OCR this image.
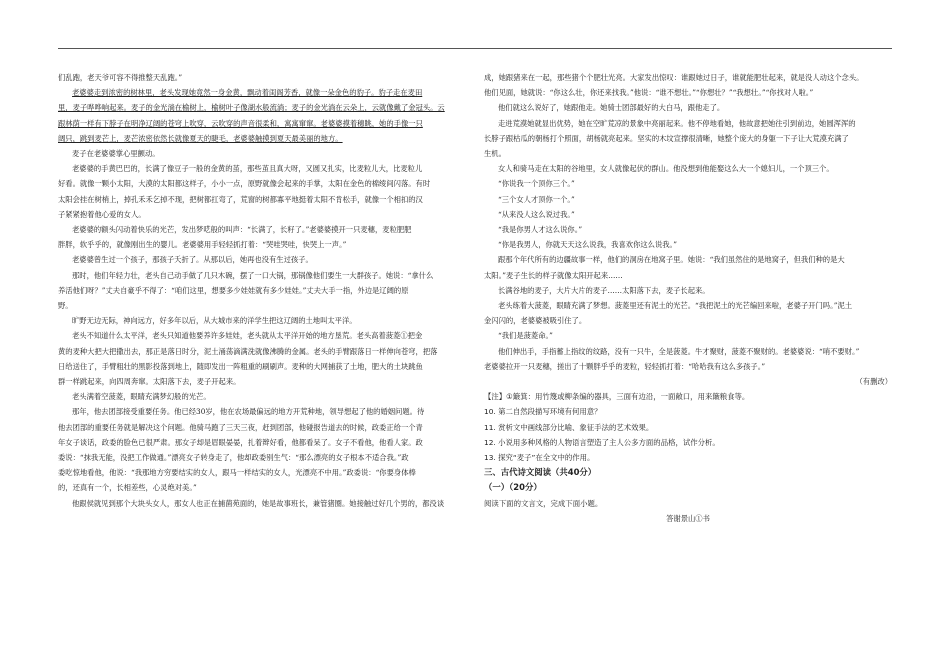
们乱跑，老天爷可容不得推整天乱跑。”

老婆婆走到浓密的树林里，老头发现她竟然一身金黄，飘动着闺阁芳香，就像一朵金色的豹子。豹子走在麦田

里，麦子哗哗响起来。麦子的金光淌在榆树上，榆树叶子像湖水般流淌；麦子的金光淌在云朵上，云就像戴了金冠头。云

跟林荫一样有下脖子在明净辽阔的苍穹上吹穿，云吹穿的声音很柔和，寓寓窜窜。老婆婆摸着穗眺，她的手像一只

阔只，跳到麦芒上，麦芒浓密依然长就像夏天的睫毛，老婆婆触摸到夏天最美丽的地方。

麦子在老婆婆掌心里颤动。

老婆婆的手黄巴巴的，长满了像豆子一般的金黄的茧，那些茧且真大呀，又圆又扎实，比麦粒儿大，比麦粒儿

好看。就像一颗小太阳，大漠的太阳都这样子，小小一点，原野就像会起来的手掌，太阳在金色的棉绫间闪落。有时

太阳会挂在树梢上，掉孔禾禾乞掉不现，把树都扛弯了，荒窗的树都寡平地挺着太阳不肯松手，就像一个相扣的汉

子紧紧抱着他心爱的女人。

老婆婆的额头闪动着快乐的光芒，发出梦呓般的叫声：“长满了，长籽了。”老婆婆摸开一只麦穗，麦粒肥肥

胖胖，软乎乎的，就像刚出生的婴儿。老婆婆用手轻轻抓打着：“哭哇哭哇，快哭上一声。”

老婆婆曾生过一个孩子，那孩子夭折了。从那以后，她再也没有生过孩子。

那时，他们年轻力壮，老头自己动手做了几只木碗，摆了一口大锅，那锅像他们要生一大群孩子。她说：“拿什么

养活他们呀？”丈夫自豪乎不得了：“咱们这里，想要多少娃娃就有多少娃娃。”丈夫大手一指，外边是辽阔的原

野。

旷野无边无际，神向远方，好多年以后，从大城市来的洋学生把这辽阔的土地叫太平洋。

老头不知道什么太平洋，老头只知道他要养许多娃娃，老头就从太平洋开始的地方垦荒。老头高着菠菱①把金

黄的麦种大把大把撒出去，那正是落日时分，泥土涌荡滴满洗就像沸腾的金属。老头的手臂跟落日一样伸向苍穹，把落

日给送住了，手臂粗壮的黑影投落到地上，随即发出一阵粗重的刷刷声。麦种的大网捕获了土地，肥大的土块跳鱼

群一样跳起来，向四周奔窜。太阳落下去，麦子开起来。

老头满着空菠菱，眼睛充满梦幻般的光芒。

那年，他去团部接受重要任务。他已经30岁，他在农场最偏远的地方开荒种地，领导想起了他的婚姻问题。待

他去团部的重要任务就是解决这个问题。他骑马跑了三天三夜，赶到团部，他碰报告道去的时候，政委正给一个青

年女子谈话，政委的脸色已很严肃。那女子却是眉眼晏晏，扎着辫好看，他都看呆了。女子不看他，他看人家。政

委说：“抹我无能，没把工作做通。”漂亮女子转身走了，他却政委别生气：“那么漂亮的女子根本不适合我。”政

委吃惊地看他，他说：“我那地方穷要结实的女人，跟马一样结实的女人，光漂亮不中用。”政委说：“你要身体棒

的，还真有一个，长相差些，心灵绝对美。”

他跟侯就见到那个大块头女人，那女人也正在捕菌苑面的，她是故事班长，兼管猪圈。她接触过好几个男的，都没谈

成，她跟猪来在一起，那些猪个个肥壮光亮。大家发出惊叹：谁跟她过日子，谁就能肥壮起来，就是没人动这个念头。

他们见面，她就说：“你这么壮，你还来找我。”他说：“谁不想壮。”“你想壮？”“我想壮。”“你找对人啦。”

他们就这么说好了，她跟他走。她骑士团部最好的大白马，跟他走了。

走进荒漠她就显出优势，她在空旷荒凉的景象中亮丽起来。他不停地看她，他故意把她往引到前边，她圆浑浑的

长脖子跟枯瓜的朝杨打个照面，胡杨就亮起来。坚实的木坟宣撑很清晰，她整个庞大的身躯一下子让大荒漠充满了

生机。

女人和骑马走在太阳的谷地里，女人就像起伏的群山。他没想到他能娶这么大一个媳妇儿，一个顶三个。

“你说我一个顶你三个。”

“三个女人才顶你一个。”

“从来没人这么说过我。”

“我是你男人才这么说你。”

“你是我男人，你就天天这么说我，我喜欢你这么说我。”

跟那个年代所有的边疆故事一样，他们的洞房在地窝子里。她说：“我们虽然住的是地窝子，但我们种的是大

太阳。”麦子生长的样子就像太阳开起来……

长满谷地的麦子，大片大片的麦子……太阳落下去，麦子长起来。

老头练着大菠菱，眼睛充满了梦想。菠菱里还有泥土的光芒。“我把泥土的光芒编回来啦，老婆子开门吗。”泥土

金闪闪的，老婆婆被吸引住了。

“我们是菠菱命。”

他们伸出手，手指蓄上指纹的纹路，没有一只牛，全是菠菱。牛才聚财，菠菱不聚财的。老婆婆说：“哨不要财。”

老婆婆拉开一只麦穗，搓出了十颗胖乎乎的麦粒，轻轻抓打着：“哈哈我有这么多孩子。”

（有删改）

【注】①簸箕：用竹篾或柳条编的器具，三面有边沿，一面敞口，用来簸粮食等。

10. 第二自然段描写环境有何用意？

11. 赏析文中画线部分比喻、象征手法的艺术效果。

12. 小说用多种风格的人物语言塑造了主人公多方面的品格，试作分析。

13. 探究“麦子”在全文中的作用。

三、古代诗文阅读（共40分）

（一）（20分）

阅读下面的文言文，完成下面小题。

答谢景山①书
